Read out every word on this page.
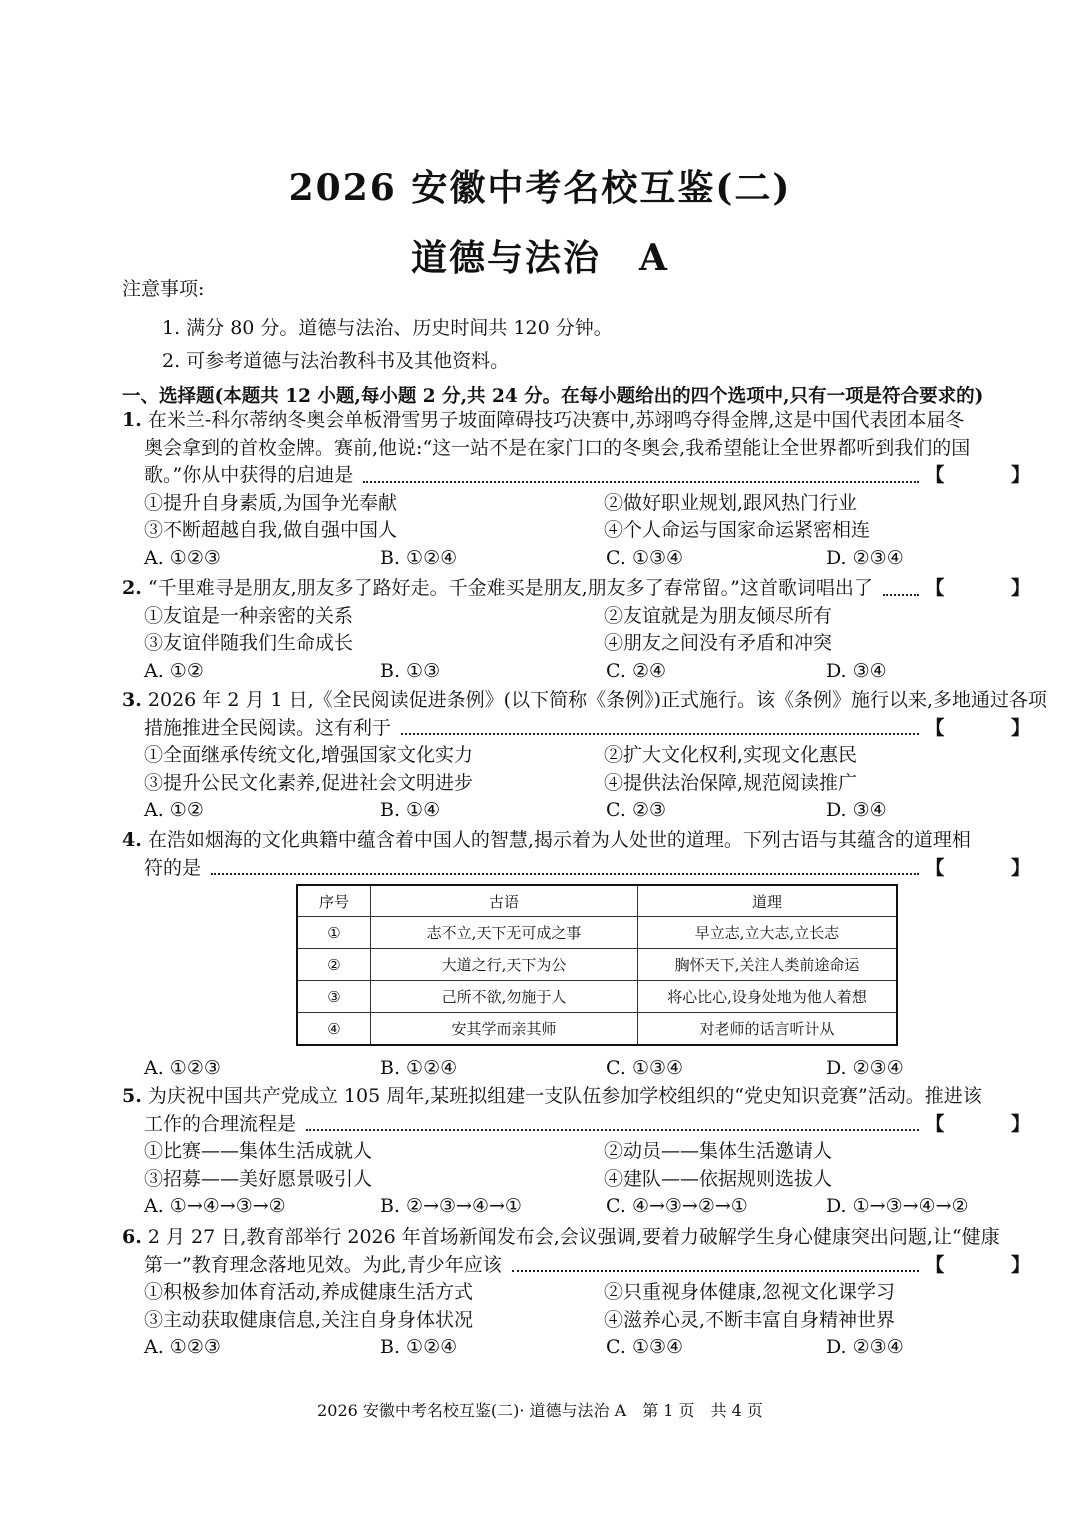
2026 安徽中考名校互鉴(二)
道德与法治　A
注意事项:
1. 满分 80 分。道德与法治、历史时间共 120 分钟。
2. 可参考道德与法治教科书及其他资料。
一、选择题(本题共 12 小题,每小题 2 分,共 24 分。在每小题给出的四个选项中,只有一项是符合要求的)
1. 在米兰-科尔蒂纳冬奥会单板滑雪男子坡面障碍技巧决赛中,苏翊鸣夺得金牌,这是中国代表团本届冬
奥会拿到的首枚金牌。赛前,他说:“这一站不是在家门口的冬奥会,我希望能让全世界都听到我们的国
歌。”你从中获得的启迪是	【 】
①提升自身素质,为国争光奉献	②做好职业规划,跟风热门行业
③不断超越自我,做自强中国人	④个人命运与国家命运紧密相连
A. ①②③	B. ①②④	C. ①③④	D. ②③④
2. “千里难寻是朋友,朋友多了路好走。千金难买是朋友,朋友多了春常留。”这首歌词唱出了	【 】
①友谊是一种亲密的关系	②友谊就是为朋友倾尽所有
③友谊伴随我们生命成长	④朋友之间没有矛盾和冲突
A. ①②	B. ①③	C. ②④	D. ③④
3. 2026 年 2 月 1 日,《全民阅读促进条例》(以下简称《条例》)正式施行。该《条例》施行以来,多地通过各项
措施推进全民阅读。这有利于	【 】
①全面继承传统文化,增强国家文化实力	②扩大文化权利,实现文化惠民
③提升公民文化素养,促进社会文明进步	④提供法治保障,规范阅读推广
A. ①②	B. ①④	C. ②③	D. ③④
4. 在浩如烟海的文化典籍中蕴含着中国人的智慧,揭示着为人处世的道理。下列古语与其蕴含的道理相
符的是	【 】
序号	古语	道理
①	志不立,天下无可成之事	早立志,立大志,立长志
②	大道之行,天下为公	胸怀天下,关注人类前途命运
③	己所不欲,勿施于人	将心比心,设身处地为他人着想
④	安其学而亲其师	对老师的话言听计从
A. ①②③	B. ①②④	C. ①③④	D. ②③④
5. 为庆祝中国共产党成立 105 周年,某班拟组建一支队伍参加学校组织的“党史知识竞赛”活动。推进该
工作的合理流程是	【 】
①比赛——集体生活成就人	②动员——集体生活邀请人
③招募——美好愿景吸引人	④建队——依据规则选拔人
A. ①→④→③→②	B. ②→③→④→①	C. ④→③→②→①	D. ①→③→④→②
6. 2 月 27 日,教育部举行 2026 年首场新闻发布会,会议强调,要着力破解学生身心健康突出问题,让“健康
第一”教育理念落地见效。为此,青少年应该	【 】
①积极参加体育活动,养成健康生活方式	②只重视身体健康,忽视文化课学习
③主动获取健康信息,关注自身身体状况	④滋养心灵,不断丰富自身精神世界
A. ①②③	B. ①②④	C. ①③④	D. ②③④
2026 安徽中考名校互鉴(二)· 道德与法治 A　第 1 页　共 4 页
